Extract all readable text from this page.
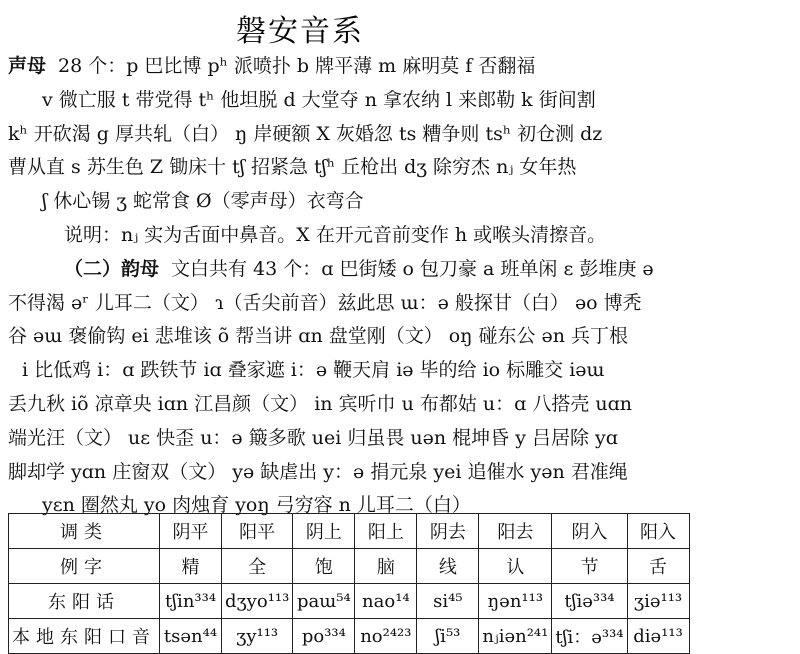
磐安音系
声母 28 个：p 巴比博 pʰ 派喷扑 b 牌平薄 m 麻明莫 f 否翻福
v 微亡服 t 带党得 tʰ 他坦脱 d 大堂夺 n 拿农纳 l 来郎勒 k 街间割
kʰ 开砍渴 g 厚共轧（白） ŋ 岸硬额 X 灰婚忽 ts 糟争则 tsʰ 初仓测 dz
曹从直 s 苏生色 Z 锄床十 tʃ 招紧急 tʃʰ 丘枪出 dʒ 除穷杰 nⱼ 女年热
ʃ 休心锡 ʒ 蛇常食 Ø（零声母）衣弯合
说明：nⱼ 实为舌面中鼻音。X 在开元音前变作 h 或喉头清擦音。
（二）韵母 文白共有 43 个：ɑ 巴街矮 o 包刀豪 a 班单闲 ɛ 彭堆庚 ə
不得渴 əʳ 儿耳二（文） ɿ（舌尖前音）兹此思 ɯ：ə 般探甘（白） əo 博秃
谷 əɯ 褒偷钩 ei 悲堆该 õ 帮当讲 ɑn 盘堂刚（文） oŋ 碰东公 ən 兵丁根
i 比低鸡 i：ɑ 跌铁节 iɑ 叠家遮 i：ə 鞭天肩 iə 毕的给 io 标雕交 iəɯ
丢九秋 iõ 凉章央 iɑn 江昌颜（文） in 宾听巾 u 布都姑 u：ɑ 八搭壳 uɑn
端光汪（文） uɛ 快歪 u：ə 簸多歌 uei 归虽畏 uən 棍坤昏 y 吕居除 yɑ
脚却学 yɑn 庄窗双（文） yə 缺虐出 y：ə 捐元泉 yei 追催水 yən 君准绳
yɛn 圈然丸 yo 肉烛育 yoŋ 弓穷容 n 儿耳二（白）
调类	阴平	阳平	阴上	阳上	阴去	阳去	阴入	阳入
例字	精	全	饱	脑	线	认	节	舌
东阳话	tʃin³³⁴	dʒyo¹¹³	paɯ⁵⁴	nao¹⁴	si⁴⁵	ŋən¹¹³	tʃiə³³⁴	ʒiə¹¹³
本地东阳口音	tsən⁴⁴	ʒy¹¹³	po³³⁴	no²⁴²³	ʃi⁵³	nⱼiən²⁴¹	tʃi：ə³³⁴	diə¹¹³
